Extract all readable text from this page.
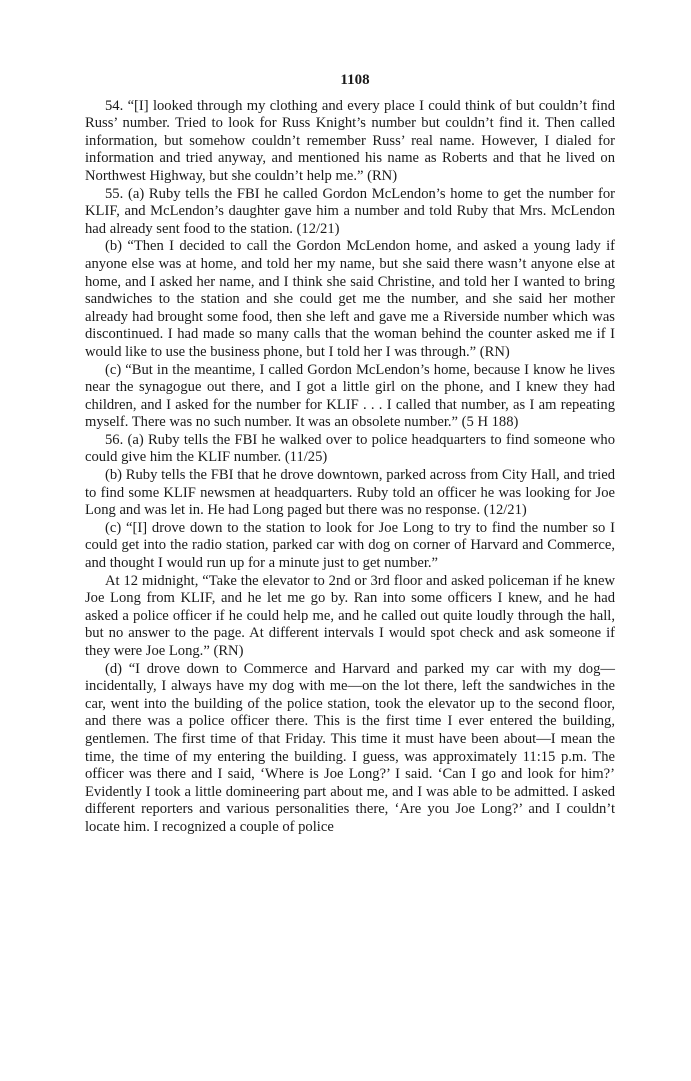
1108

54. “[I] looked through my clothing and every place I could think of but couldn’t find Russ’ number. Tried to look for Russ Knight’s number but couldn’t find it. Then called information, but somehow couldn’t remember Russ’ real name. However, I dialed for information and tried anyway, and mentioned his name as Roberts and that he lived on Northwest Highway, but she couldn’t help me.” (RN)

55. (a) Ruby tells the FBI he called Gordon McLendon’s home to get the number for KLIF, and McLendon’s daughter gave him a number and told Ruby that Mrs. McLendon had already sent food to the station. (12/21)

(b) “Then I decided to call the Gordon McLendon home, and asked a young lady if anyone else was at home, and told her my name, but she said there wasn’t anyone else at home, and I asked her name, and I think she said Christine, and told her I wanted to bring sandwiches to the station and she could get me the number, and she said her mother already had brought some food, then she left and gave me a Riverside number which was discontinued. I had made so many calls that the woman behind the counter asked me if I would like to use the business phone, but I told her I was through.” (RN)

(c) “But in the meantime, I called Gordon McLendon’s home, because I know he lives near the synagogue out there, and I got a little girl on the phone, and I knew they had children, and I asked for the number for KLIF . . . I called that number, as I am repeating myself. There was no such number. It was an obsolete number.” (5 H 188)

56. (a) Ruby tells the FBI he walked over to police headquarters to find someone who could give him the KLIF number. (11/25)

(b) Ruby tells the FBI that he drove downtown, parked across from City Hall, and tried to find some KLIF newsmen at headquarters. Ruby told an officer he was looking for Joe Long and was let in. He had Long paged but there was no response. (12/21)

(c) “[I] drove down to the station to look for Joe Long to try to find the number so I could get into the radio station, parked car with dog on corner of Harvard and Commerce, and thought I would run up for a minute just to get number.”

At 12 midnight, “Take the elevator to 2nd or 3rd floor and asked policeman if he knew Joe Long from KLIF, and he let me go by. Ran into some officers I knew, and he had asked a police officer if he could help me, and he called out quite loudly through the hall, but no answer to the page. At different intervals I would spot check and ask someone if they were Joe Long.” (RN)

(d) “I drove down to Commerce and Harvard and parked my car with my dog—incidentally, I always have my dog with me—on the lot there, left the sandwiches in the car, went into the building of the police station, took the elevator up to the second floor, and there was a police officer there. This is the first time I ever entered the building, gentlemen. The first time of that Friday. This time it must have been about—I mean the time, the time of my entering the building. I guess, was approximately 11:15 p.m. The officer was there and I said, ‘Where is Joe Long?’ I said. ‘Can I go and look for him?’ Evidently I took a little domineering part about me, and I was able to be admitted. I asked different reporters and various personalities there, ‘Are you Joe Long?’ and I couldn’t locate him. I recognized a couple of police
